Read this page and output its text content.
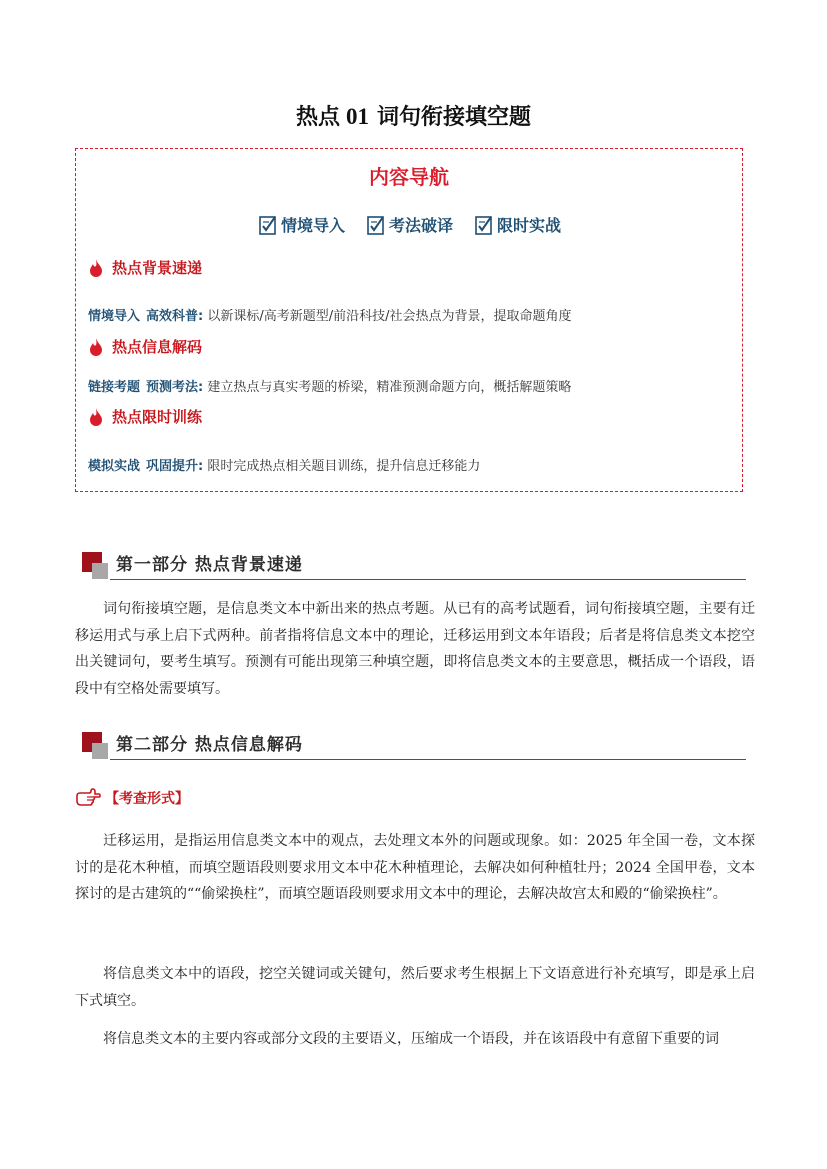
热点 01 词句衔接填空题
内容导航
情境导入	考法破译	限时实战
热点背景速递
情境导入 高效科普: 以新课标/高考新题型/前沿科技/社会热点为背景，提取命题角度
热点信息解码
链接考题 预测考法: 建立热点与真实考题的桥梁，精准预测命题方向，概括解题策略
热点限时训练
模拟实战 巩固提升: 限时完成热点相关题目训练，提升信息迁移能力
第一部分 热点背景速递

词句衔接填空题，是信息类文本中新出来的热点考题。从已有的高考试题看，词句衔接填空题，主要有迁移运用式与承上启下式两种。前者指将信息文本中的理论，迁移运用到文本年语段；后者是将信息类文本挖空出关键词句，要考生填写。预测有可能出现第三种填空题，即将信息类文本的主要意思，概括成一个语段，语段中有空格处需要填写。

第二部分 热点信息解码
【考查形式】

迁移运用，是指运用信息类文本中的观点，去处理文本外的问题或现象。如：2025 年全国一卷，文本探讨的是花木种植，而填空题语段则要求用文本中花木种植理论，去解决如何种植牡丹；2024 全国甲卷，文本探讨的是古建筑的““偷梁换柱”，而填空题语段则要求用文本中的理论，去解决故宫太和殿的“偷梁换柱”。

将信息类文本中的语段，挖空关键词或关键句，然后要求考生根据上下文语意进行补充填写，即是承上启下式填空。

将信息类文本的主要内容或部分文段的主要语义，压缩成一个语段，并在该语段中有意留下重要的词
